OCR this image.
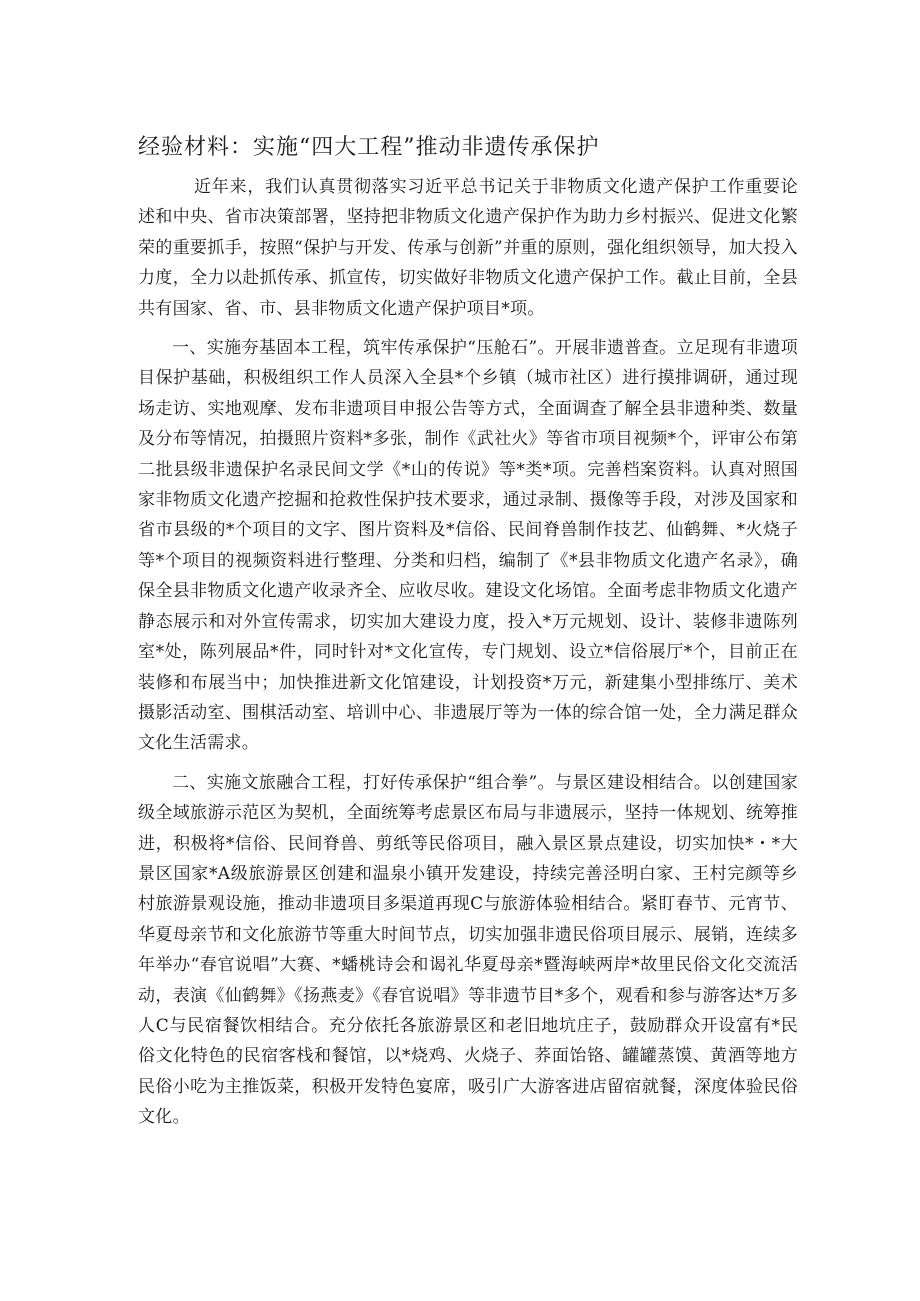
经验材料：实施“四大工程”推动非遗传承保护

近年来，我们认真贯彻落实习近平总书记关于非物质文化遗产保护工作重要论述和中央、省市决策部署，坚持把非物质文化遗产保护作为助力乡村振兴、促进文化繁荣的重要抓手，按照“保护与开发、传承与创新”并重的原则，强化组织领导，加大投入力度，全力以赴抓传承、抓宣传，切实做好非物质文化遗产保护工作。截止目前，全县共有国家、省、市、县非物质文化遗产保护项目*项。

一、实施夯基固本工程，筑牢传承保护“压舱石”。开展非遗普查。立足现有非遗项目保护基础，积极组织工作人员深入全县*个乡镇（城市社区）进行摸排调研，通过现场走访、实地观摩、发布非遗项目申报公告等方式，全面调查了解全县非遗种类、数量及分布等情况，拍摄照片资料*多张，制作《武社火》等省市项目视频*个，评审公布第二批县级非遗保护名录民间文学《*山的传说》等*类*项。完善档案资料。认真对照国家非物质文化遗产挖掘和抢救性保护技术要求，通过录制、摄像等手段，对涉及国家和省市县级的*个项目的文字、图片资料及*信俗、民间脊兽制作技艺、仙鹤舞、*火烧子等*个项目的视频资料进行整理、分类和归档，编制了《*县非物质文化遗产名录》，确保全县非物质文化遗产收录齐全、应收尽收。建设文化场馆。全面考虑非物质文化遗产静态展示和对外宣传需求，切实加大建设力度，投入*万元规划、设计、装修非遗陈列室*处，陈列展品*件，同时针对*文化宣传，专门规划、设立*信俗展厅*个，目前正在装修和布展当中；加快推进新文化馆建设，计划投资*万元，新建集小型排练厅、美术摄影活动室、围棋活动室、培训中心、非遗展厅等为一体的综合馆一处，全力满足群众文化生活需求。

二、实施文旅融合工程，打好传承保护“组合拳”。与景区建设相结合。以创建国家级全域旅游示范区为契机，全面统筹考虑景区布局与非遗展示，坚持一体规划、统筹推进，积极将*信俗、民间脊兽、剪纸等民俗项目，融入景区景点建设，切实加快*・*大景区国家*A级旅游景区创建和温泉小镇开发建设，持续完善泾明白家、王村完颜等乡村旅游景观设施，推动非遗项目多渠道再现C与旅游体验相结合。紧盯春节、元宵节、华夏母亲节和文化旅游节等重大时间节点，切实加强非遗民俗项目展示、展销，连续多年举办“春官说唱”大赛、*蟠桃诗会和谒礼华夏母亲*暨海峡两岸*故里民俗文化交流活动，表演《仙鹤舞》《扬燕麦》《春官说唱》等非遗节目*多个，观看和参与游客达*万多人C与民宿餐饮相结合。充分依托各旅游景区和老旧地坑庄子，鼓励群众开设富有*民俗文化特色的民宿客栈和餐馆，以*烧鸡、火烧子、荞面饴铬、罐罐蒸馍、黄酒等地方民俗小吃为主推饭菜，积极开发特色宴席，吸引广大游客进店留宿就餐，深度体验民俗文化。
